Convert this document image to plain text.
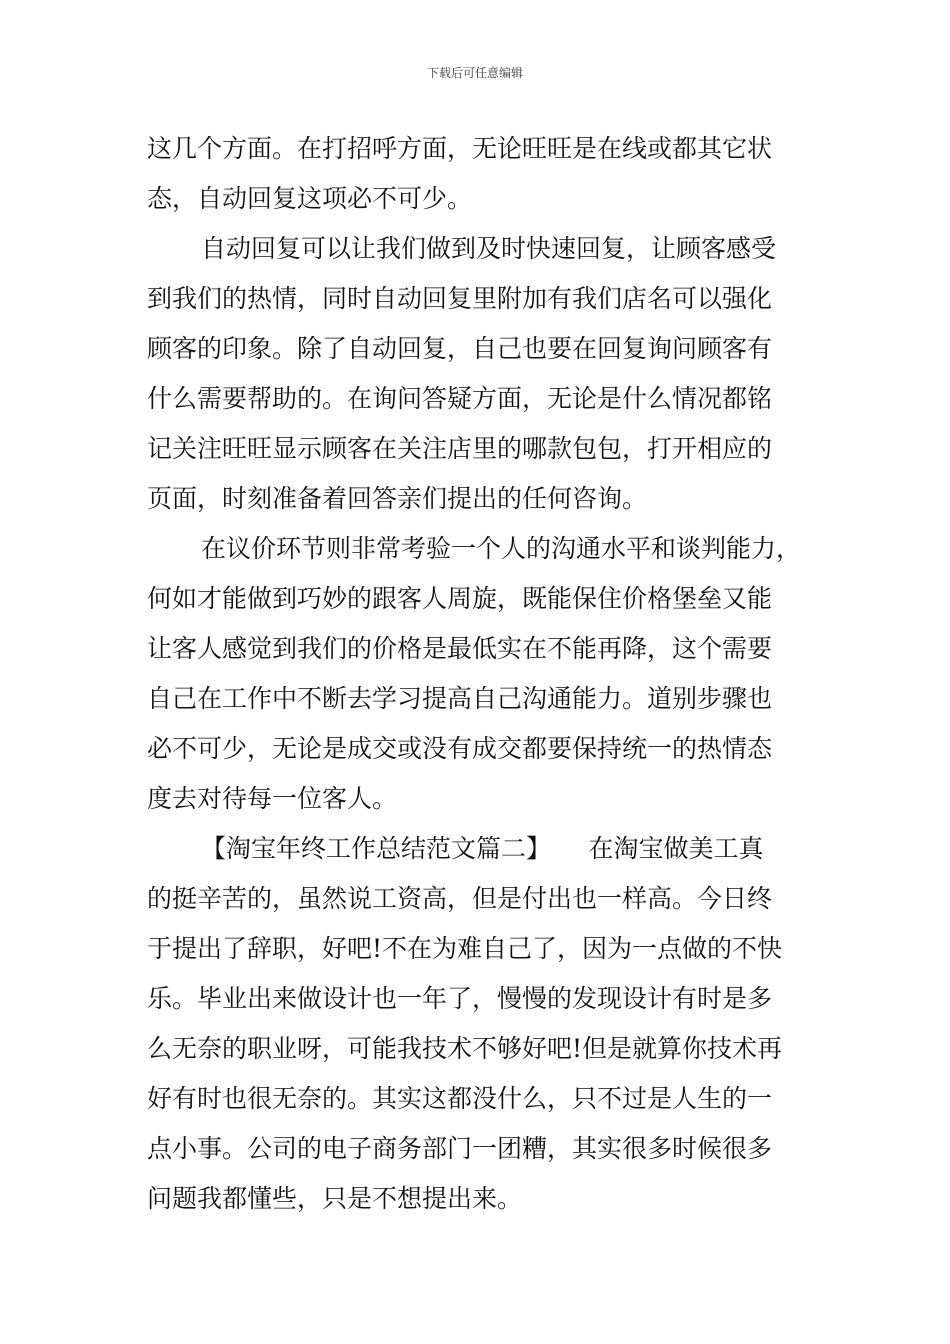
下载后可任意编辑
这几个方面。在打招呼方面，无论旺旺是在线或都其它状
态，自动回复这项必不可少。
自动回复可以让我们做到及时快速回复，让顾客感受
到我们的热情，同时自动回复里附加有我们店名可以强化
顾客的印象。除了自动回复，自己也要在回复询问顾客有
什么需要帮助的。在询问答疑方面，无论是什么情况都铭
记关注旺旺显示顾客在关注店里的哪款包包，打开相应的
页面，时刻准备着回答亲们提出的任何咨询。
在议价环节则非常考验一个人的沟通水平和谈判能力，
何如才能做到巧妙的跟客人周旋，既能保住价格堡垒又能
让客人感觉到我们的价格是最低实在不能再降，这个需要
自己在工作中不断去学习提高自己沟通能力。道别步骤也
必不可少，无论是成交或没有成交都要保持统一的热情态
度去对待每一位客人。
【淘宝年终工作总结范文篇二】　　在淘宝做美工真
的挺辛苦的，虽然说工资高，但是付出也一样高。今日终
于提出了辞职，好吧!不在为难自己了，因为一点做的不快
乐。毕业出来做设计也一年了，慢慢的发现设计有时是多
么无奈的职业呀，可能我技术不够好吧!但是就算你技术再
好有时也很无奈的。其实这都没什么，只不过是人生的一
点小事。公司的电子商务部门一团糟，其实很多时候很多
问题我都懂些，只是不想提出来。
